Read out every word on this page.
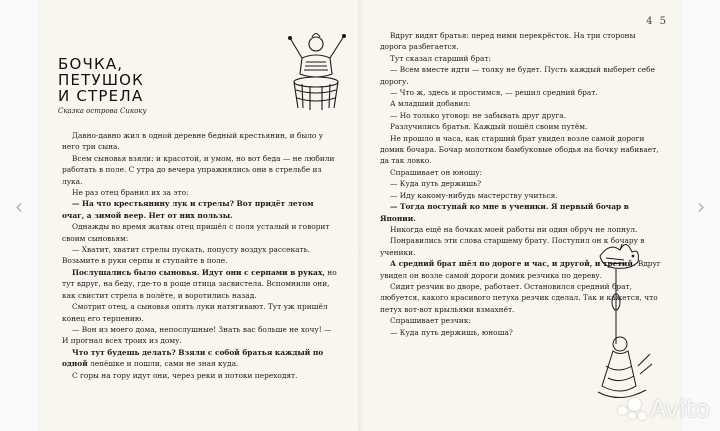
4 5
БОЧКА,
ПЕТУШОК
И СТРЕЛА
Сказка острова Сикоку

Давно-давно жил в одной деревне бедный крестьянин, и было у него три сына.

Всем сыновья взяли: и красотой, и умом, но вот беда — не любили работать в поле. С утра до вечера упражнялись они в стрельбе из лука.

Не раз отец бранил их за это:

— На что крестьянину лук и стрелы? Вот придёт летом очаг, а зимой веер. Нет от них пользы.

Однажды во время жатвы отец пришёл с поля усталый и говорит своим сыновьям:

— Хватит, хватит стрелы пускать, попусту воздух рассекать. Возьмите в руки серпы и ступайте в поле.

Послушались было сыновья. Идут они с серпами в руках, но тут вдруг, на беду, где-то в роще птица засвистела. Вспомнили они, как свистит стрела в полёте, и воротились назад.

Смотрит отец, а сыновья опять луки натягивают. Тут уж пришёл конец его терпению.

— Вон из моего дома, непослушные! Знать вас больше не хочу! — И прогнал всех троих из дому.

Что тут будешь делать? Взяли с собой братья каждый по одной лепёшке и пошли, сами не зная куда.

С горы на гору идут они, через реки и потоки переходят.

Вдруг видят братья: перед ними перекрёсток. На три стороны дорога разбегается.

Тут сказал старший брат:

— Всем вместе идти — толку не будет. Пусть каждый выберет себе дорогу.

— Что ж, здесь и простимся, — решил средний брат.

А младший добавил:

— Но только уговор: не забывать друг друга.

Разлучились братья. Каждый пошёл своим путём.

Не прошло и часа, как старший брат увидел возле самой дороги домик бочара. Бочар молотком бамбуковые ободья на бочку набивает, да так ловко.

Спрашивает он юношу:

— Куда путь держишь?

— Иду какому-нибудь мастерству учиться.

— Тогда поступай ко мне в ученики. Я первый бочар в Японии.

Никогда ещё на бочках моей работы ни один обруч не лопнул.

Понравились эти слова старшему брату. Поступил он к бочару в ученики.

А средний брат шёл по дороге и час, и другой, и третий. Вдруг увидел он возле самой дороги домик резчика по дереву.

Сидит резчик во дворе, работает. Остановился средний брат, любуется, какого красивого петуха резчик сделал. Так и кажется, что петух вот-вот крыльями взмахнёт.

Спрашивает резчик:

— Куда путь держишь, юноша?

‹	›
Avito
